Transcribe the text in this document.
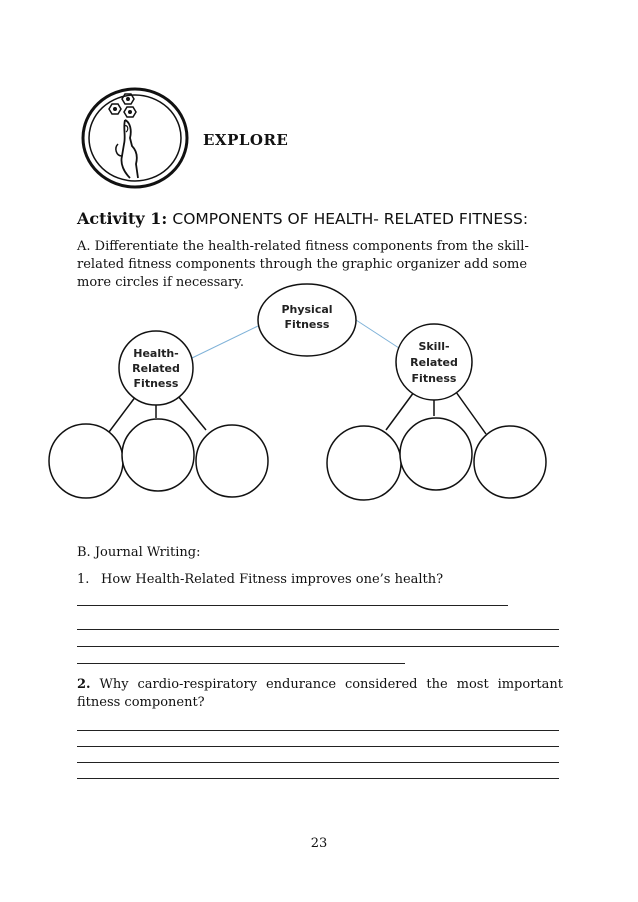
EXPLORE
Activity 1: COMPONENTS OF HEALTH- RELATED FITNESS:
A. Differentiate the health-related fitness components from the skill-related fitness components through the graphic organizer add some more circles if necessary.
Physical
Fitness
Health-
Related
Fitness
Skill-
Related
Fitness
B. Journal Writing:
1. How Health-Related Fitness improves one’s health?
2. Why cardio-respiratory endurance considered the most important fitness component?
23
